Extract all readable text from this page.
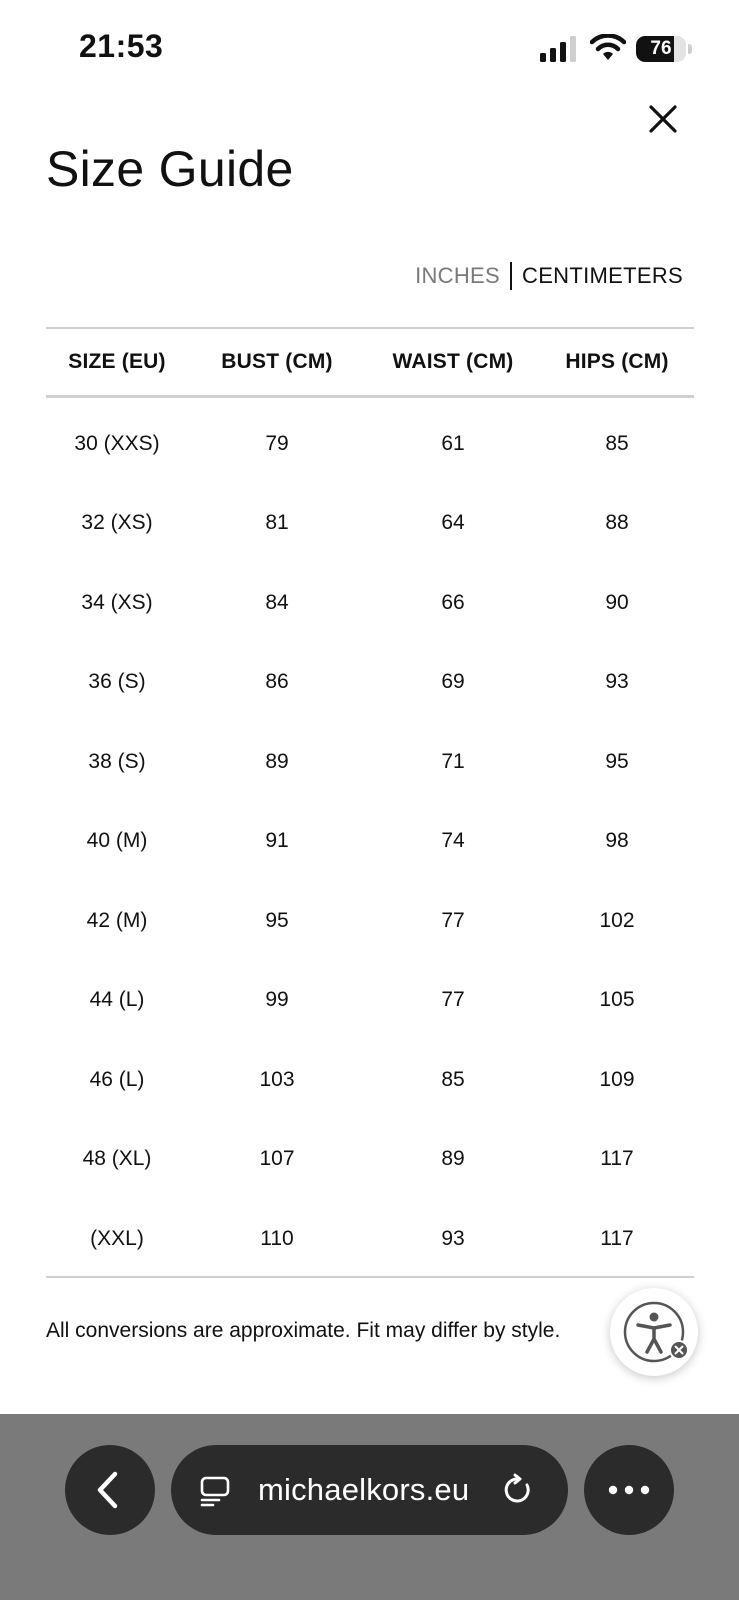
21:53	76
Size Guide
INCHES CENTIMETERS
SIZE (EU)	BUST (CM)	WAIST (CM)	HIPS (CM)
30 (XXS)	79	61	85
32 (XS)	81	64	88
34 (XS)	84	66	90
36 (S)	86	69	93
38 (S)	89	71	95
40 (M)	91	74	98
42 (M)	95	77	102
44 (L)	99	77	105
46 (L)	103	85	109
48 (XL)	107	89	117
(XXL)	110	93	117
All conversions are approximate. Fit may differ by style.
michaelkors.eu
